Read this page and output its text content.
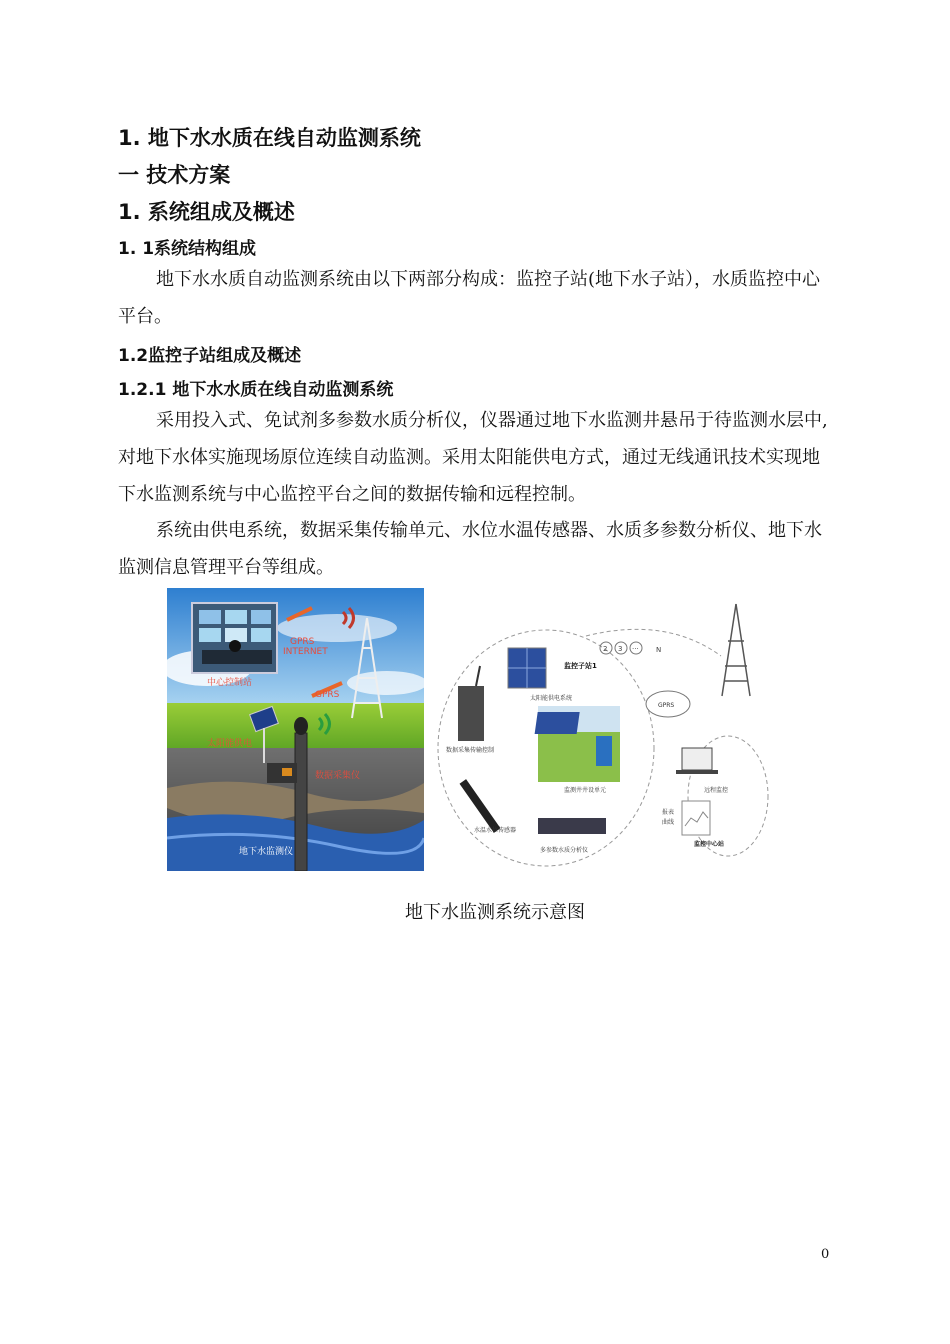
1. 地下水水质在线自动监测系统
一 技术方案
1. 系统组成及概述
1. 1系统结构组成

地下水水质自动监测系统由以下两部分构成：监控子站(地下水子站），水质监控中心平台。

1.2监控子站组成及概述
1.2.1 地下水水质在线自动监测系统

采用投入式、免试剂多参数水质分析仪，仪器通过地下水监测井悬吊于待监测水层中,对地下水体实施现场原位连续自动监测。采用太阳能供电方式，通过无线通讯技术实现地下水监测系统与中心监控平台之间的数据传输和远程控制。

系统由供电系统，数据采集传输单元、水位水温传感器、水质多参数分析仪、地下水监测信息管理平台等组成。

GPRS
INTERNET
中心控制站
GPRS
太阳能供电
数据采集仪
地下水监测仪
监控子站1
2 3 ··· N
太阳能供电系统
GPRS
数据采集传输控制
监测井井设单元
水温水位传感器
远程监控
报表
曲线
多参数水质分析仪
监控中心站
地下水监测系统示意图
0
